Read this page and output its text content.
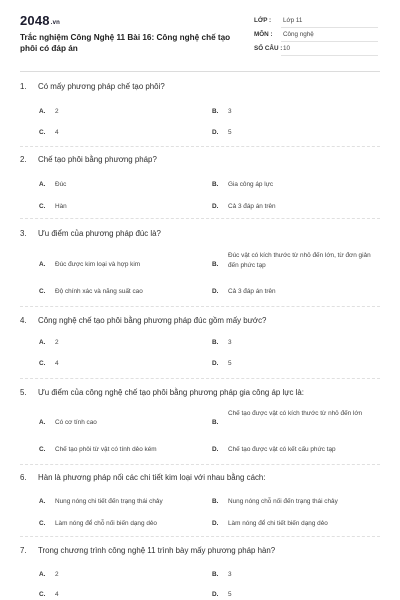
2048.vn
Trắc nghiệm Công Nghệ 11 Bài 16: Công nghệ chế tạo phôi có đáp án
LỚP : Lớp 11
MÔN : Công nghệ
SỐ CÂU : 10
1. Có mấy phương pháp chế tạo phôi?
A. 2	B. 3
C. 4	D. 5
2. Chế tạo phôi bằng phương pháp?
A. Đúc	B. Gia công áp lực
C. Hàn	D. Cả 3 đáp án trên
3. Ưu điểm của phương pháp đúc là?
A. Đúc được kim loại và hợp kim	B.
Đúc vật có kích thước từ nhỏ đến lớn, từ đơn giản đến phức tạp
C. Độ chính xác và năng suất cao	D. Cả 3 đáp án trên
4. Công nghệ chế tạo phôi bằng phương pháp đúc gồm mấy bước?
A. 2	B. 3
C. 4	D. 5
5. Ưu điểm của công nghệ chế tạo phôi bằng phương pháp gia công áp lực là:
A. Có cơ tính cao	B.
Chế tạo được vật có kích thước từ nhỏ đến lớn
C. Chế tạo phôi từ vật có tính dẻo kém	D. Chế tạo được vật có kết cấu phức tạp
6. Hàn là phương pháp nối các chi tiết kim loại với nhau bằng cách:
A. Nung nóng chi tiết đến trạng thái chảy	B. Nung nóng chỗ nối đến trạng thái chảy
C. Làm nóng để chỗ nối biến dạng dẻo	D. Làm nóng để chi tiết biến dạng dẻo
7. Trong chương trình công nghệ 11 trình bày mấy phương pháp hàn?
A. 2	B. 3
C. 4	D. 5
